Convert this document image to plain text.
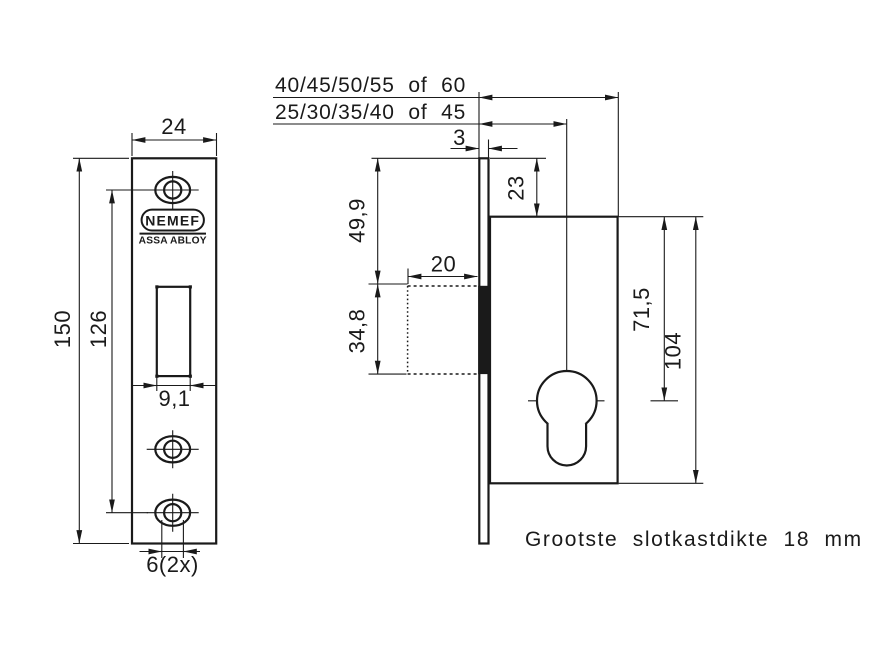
24
NEMEF
ASSA ABLOY
9,1
6(2x)
150 126
40/45/50/55 of 60
25/30/35/40 of 45
3
20
49,9
34,8
23
71,5
104
Grootste slotkastdikte 18 mm
